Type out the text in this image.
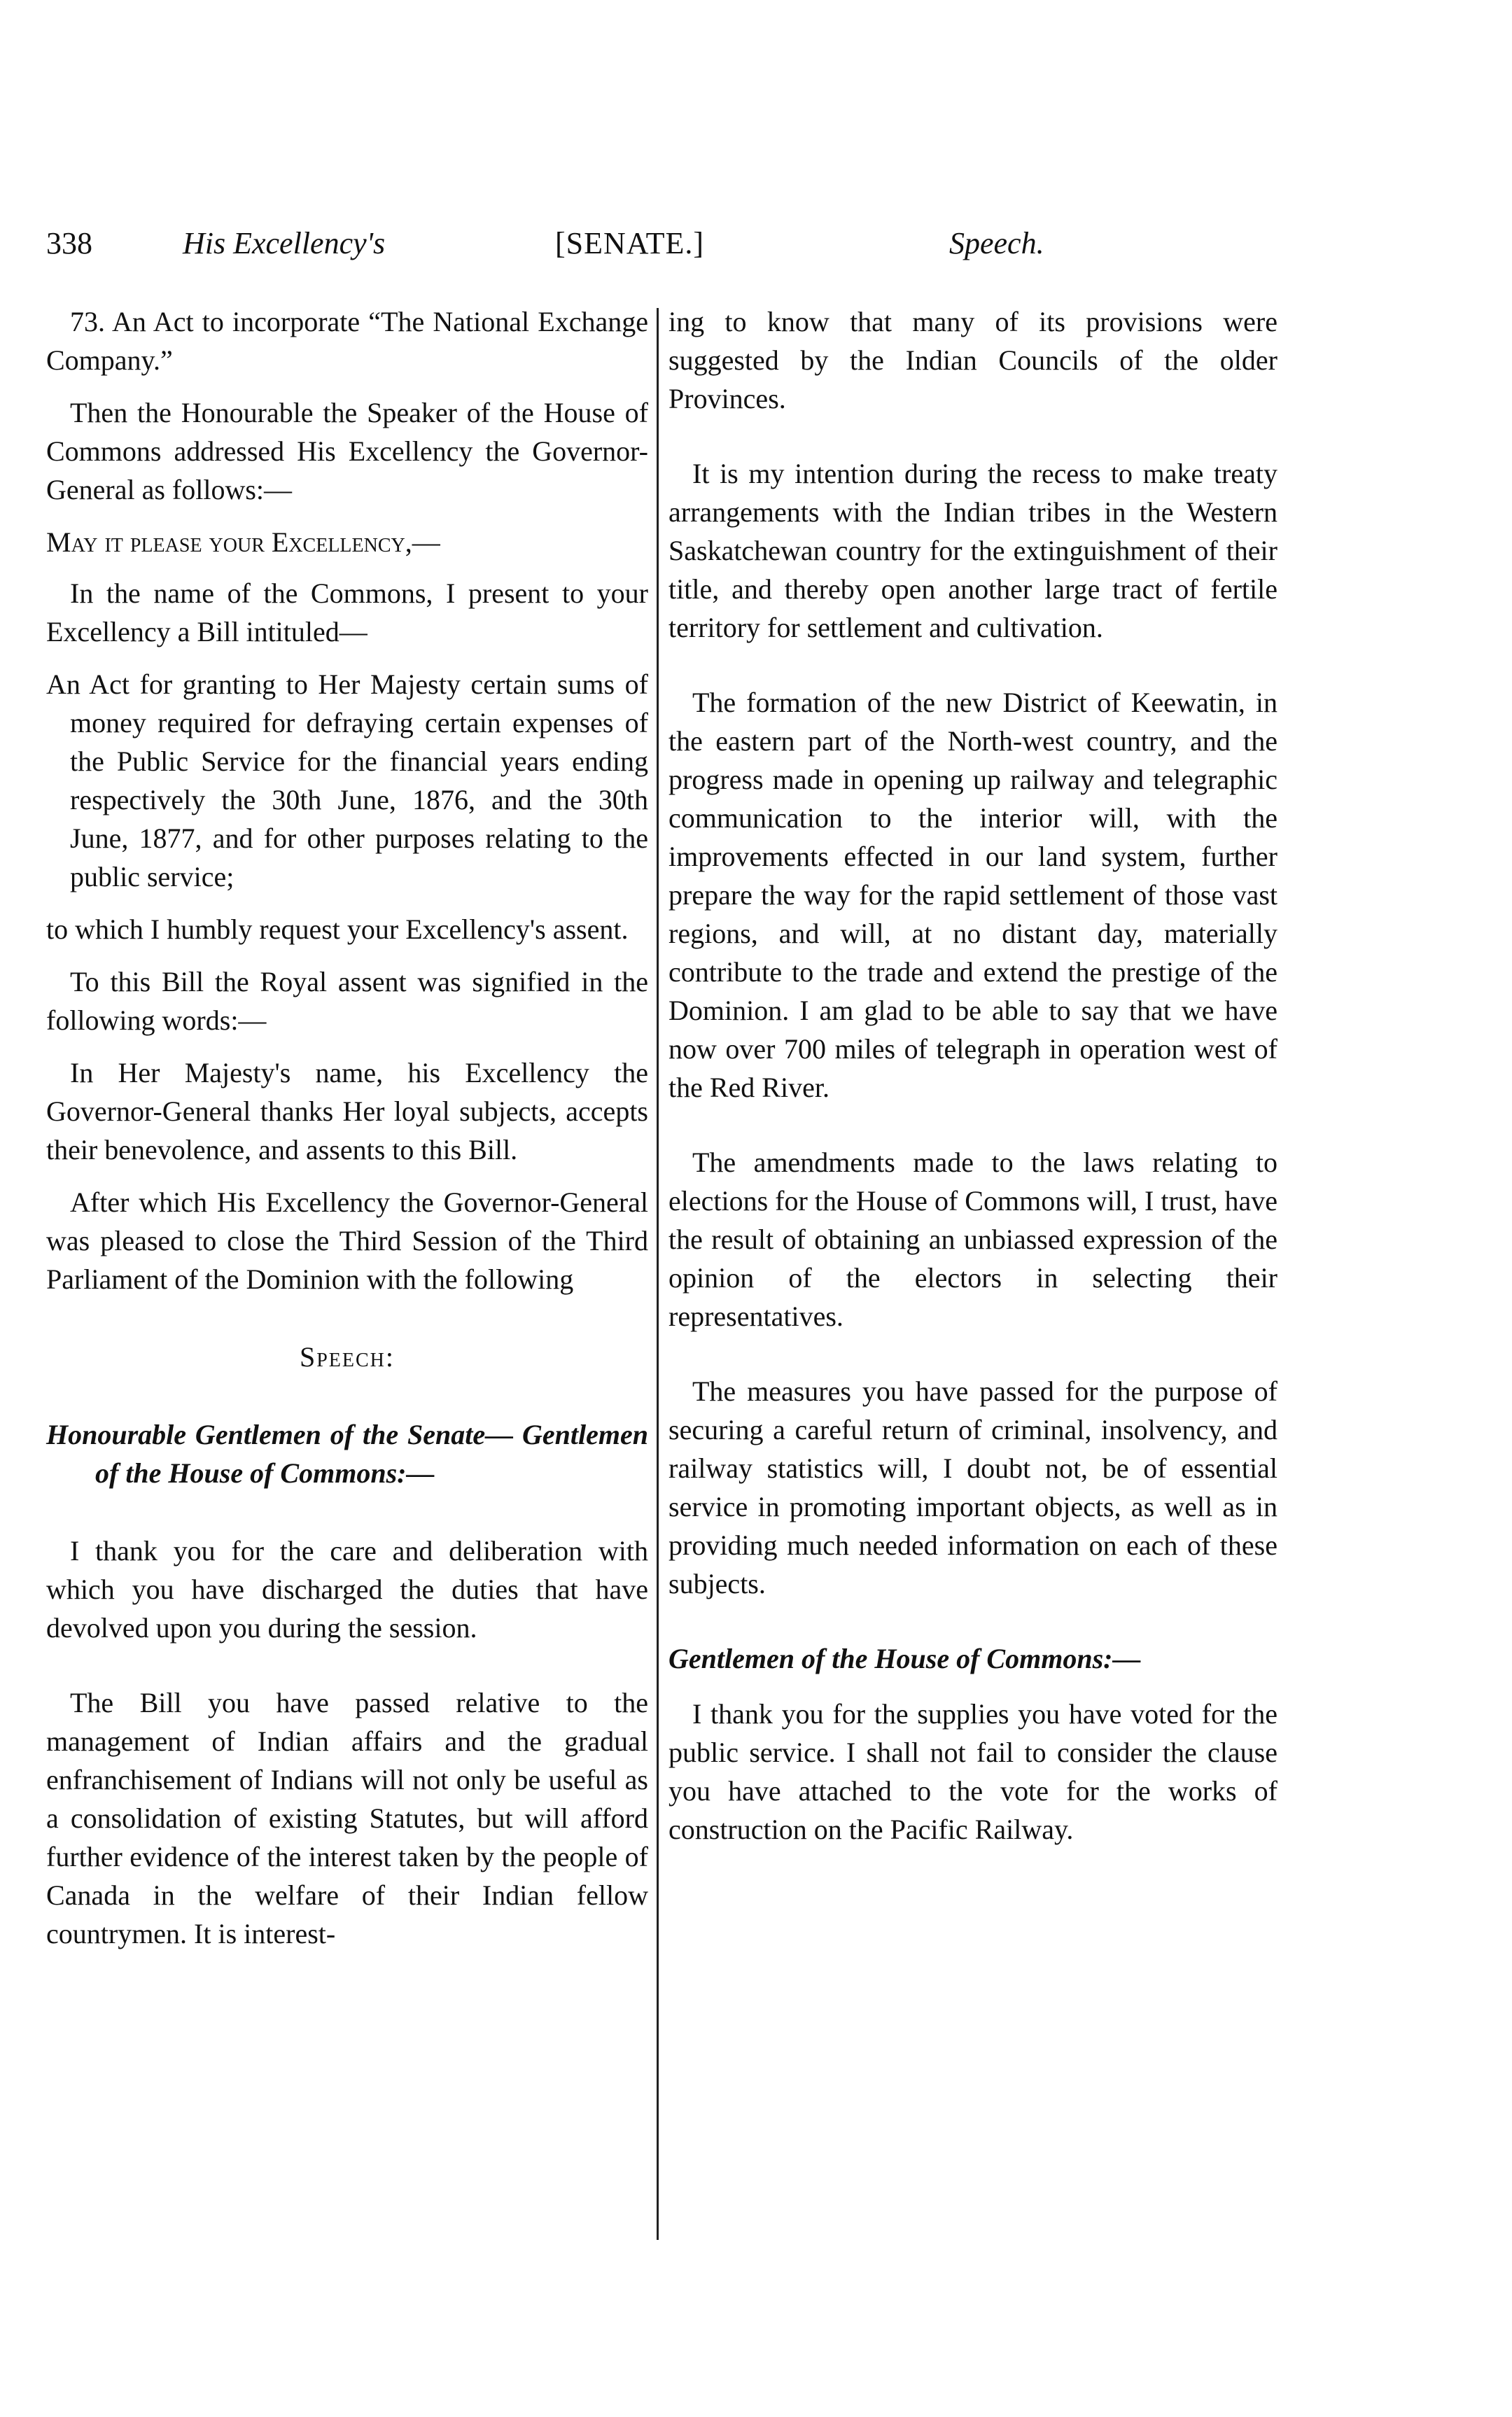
338	His Excellency's	[SENATE.]	Speech.

73. An Act to incorporate “The National Exchange Company.”

Then the Honourable the Speaker of the House of Commons addressed His Excellency the Governor-General as follows:—

May it please your Excellency,—

In the name of the Commons, I present to your Excellency a Bill intituled—

An Act for granting to Her Majesty certain sums of money required for defraying certain expenses of the Public Service for the financial years ending respectively the 30th June, 1876, and the 30th June, 1877, and for other purposes relating to the public service;

to which I humbly request your Excellency's assent.

To this Bill the Royal assent was signified in the following words:—

In Her Majesty's name, his Excellency the Governor-General thanks Her loyal subjects, accepts their benevolence, and assents to this Bill.

After which His Excellency the Governor-General was pleased to close the Third Session of the Third Parliament of the Dominion with the following

Speech:

Honourable Gentlemen of the Senate— Gentlemen of the House of Commons:—

I thank you for the care and deliberation with which you have discharged the duties that have devolved upon you during the session.

The Bill you have passed relative to the management of Indian affairs and the gradual enfranchisement of Indians will not only be useful as a consolidation of existing Statutes, but will afford further evidence of the interest taken by the people of Canada in the welfare of their Indian fellow countrymen. It is interest-

ing to know that many of its provisions were suggested by the Indian Councils of the older Provinces.

It is my intention during the recess to make treaty arrangements with the Indian tribes in the Western Saskatchewan country for the extinguishment of their title, and thereby open another large tract of fertile territory for settlement and cultivation.

The formation of the new District of Keewatin, in the eastern part of the North-west country, and the progress made in opening up railway and telegraphic communication to the interior will, with the improvements effected in our land system, further prepare the way for the rapid settlement of those vast regions, and will, at no distant day, materially contribute to the trade and extend the prestige of the Dominion. I am glad to be able to say that we have now over 700 miles of telegraph in operation west of the Red River.

The amendments made to the laws relating to elections for the House of Commons will, I trust, have the result of obtaining an unbiassed expression of the opinion of the electors in selecting their representatives.

The measures you have passed for the purpose of securing a careful return of criminal, insolvency, and railway statistics will, I doubt not, be of essential service in promoting important objects, as well as in providing much needed information on each of these subjects.

Gentlemen of the House of Commons:—

I thank you for the supplies you have voted for the public service. I shall not fail to consider the clause you have attached to the vote for the works of construction on the Pacific Railway.
